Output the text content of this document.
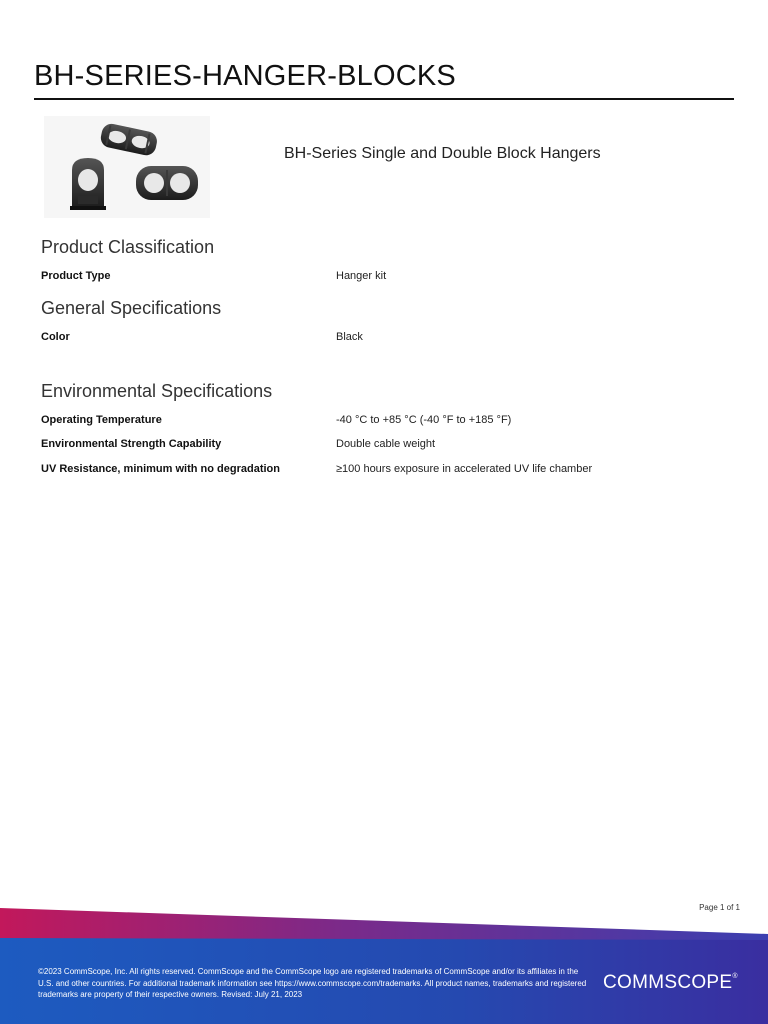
BH-SERIES-HANGER-BLOCKS
BH-Series Single and Double Block Hangers
Product Classification
Product Type	Hanger kit
General Specifications
Color	Black
Environmental Specifications
Operating Temperature	-40 °C to +85 °C (-40 °F to +185 °F)
Environmental Strength Capability	Double cable weight
UV Resistance, minimum with no degradation	≥100 hours exposure in accelerated UV life chamber
Page 1 of 1
©2023 CommScope, Inc. All rights reserved. CommScope and the CommScope logo are registered trademarks of CommScope and/or its affiliates in the U.S. and other countries. For additional trademark information see https://www.commscope.com/trademarks. All product names, trademarks and registered trademarks are property of their respective owners. Revised: July 21, 2023
COMMSCOPE®
